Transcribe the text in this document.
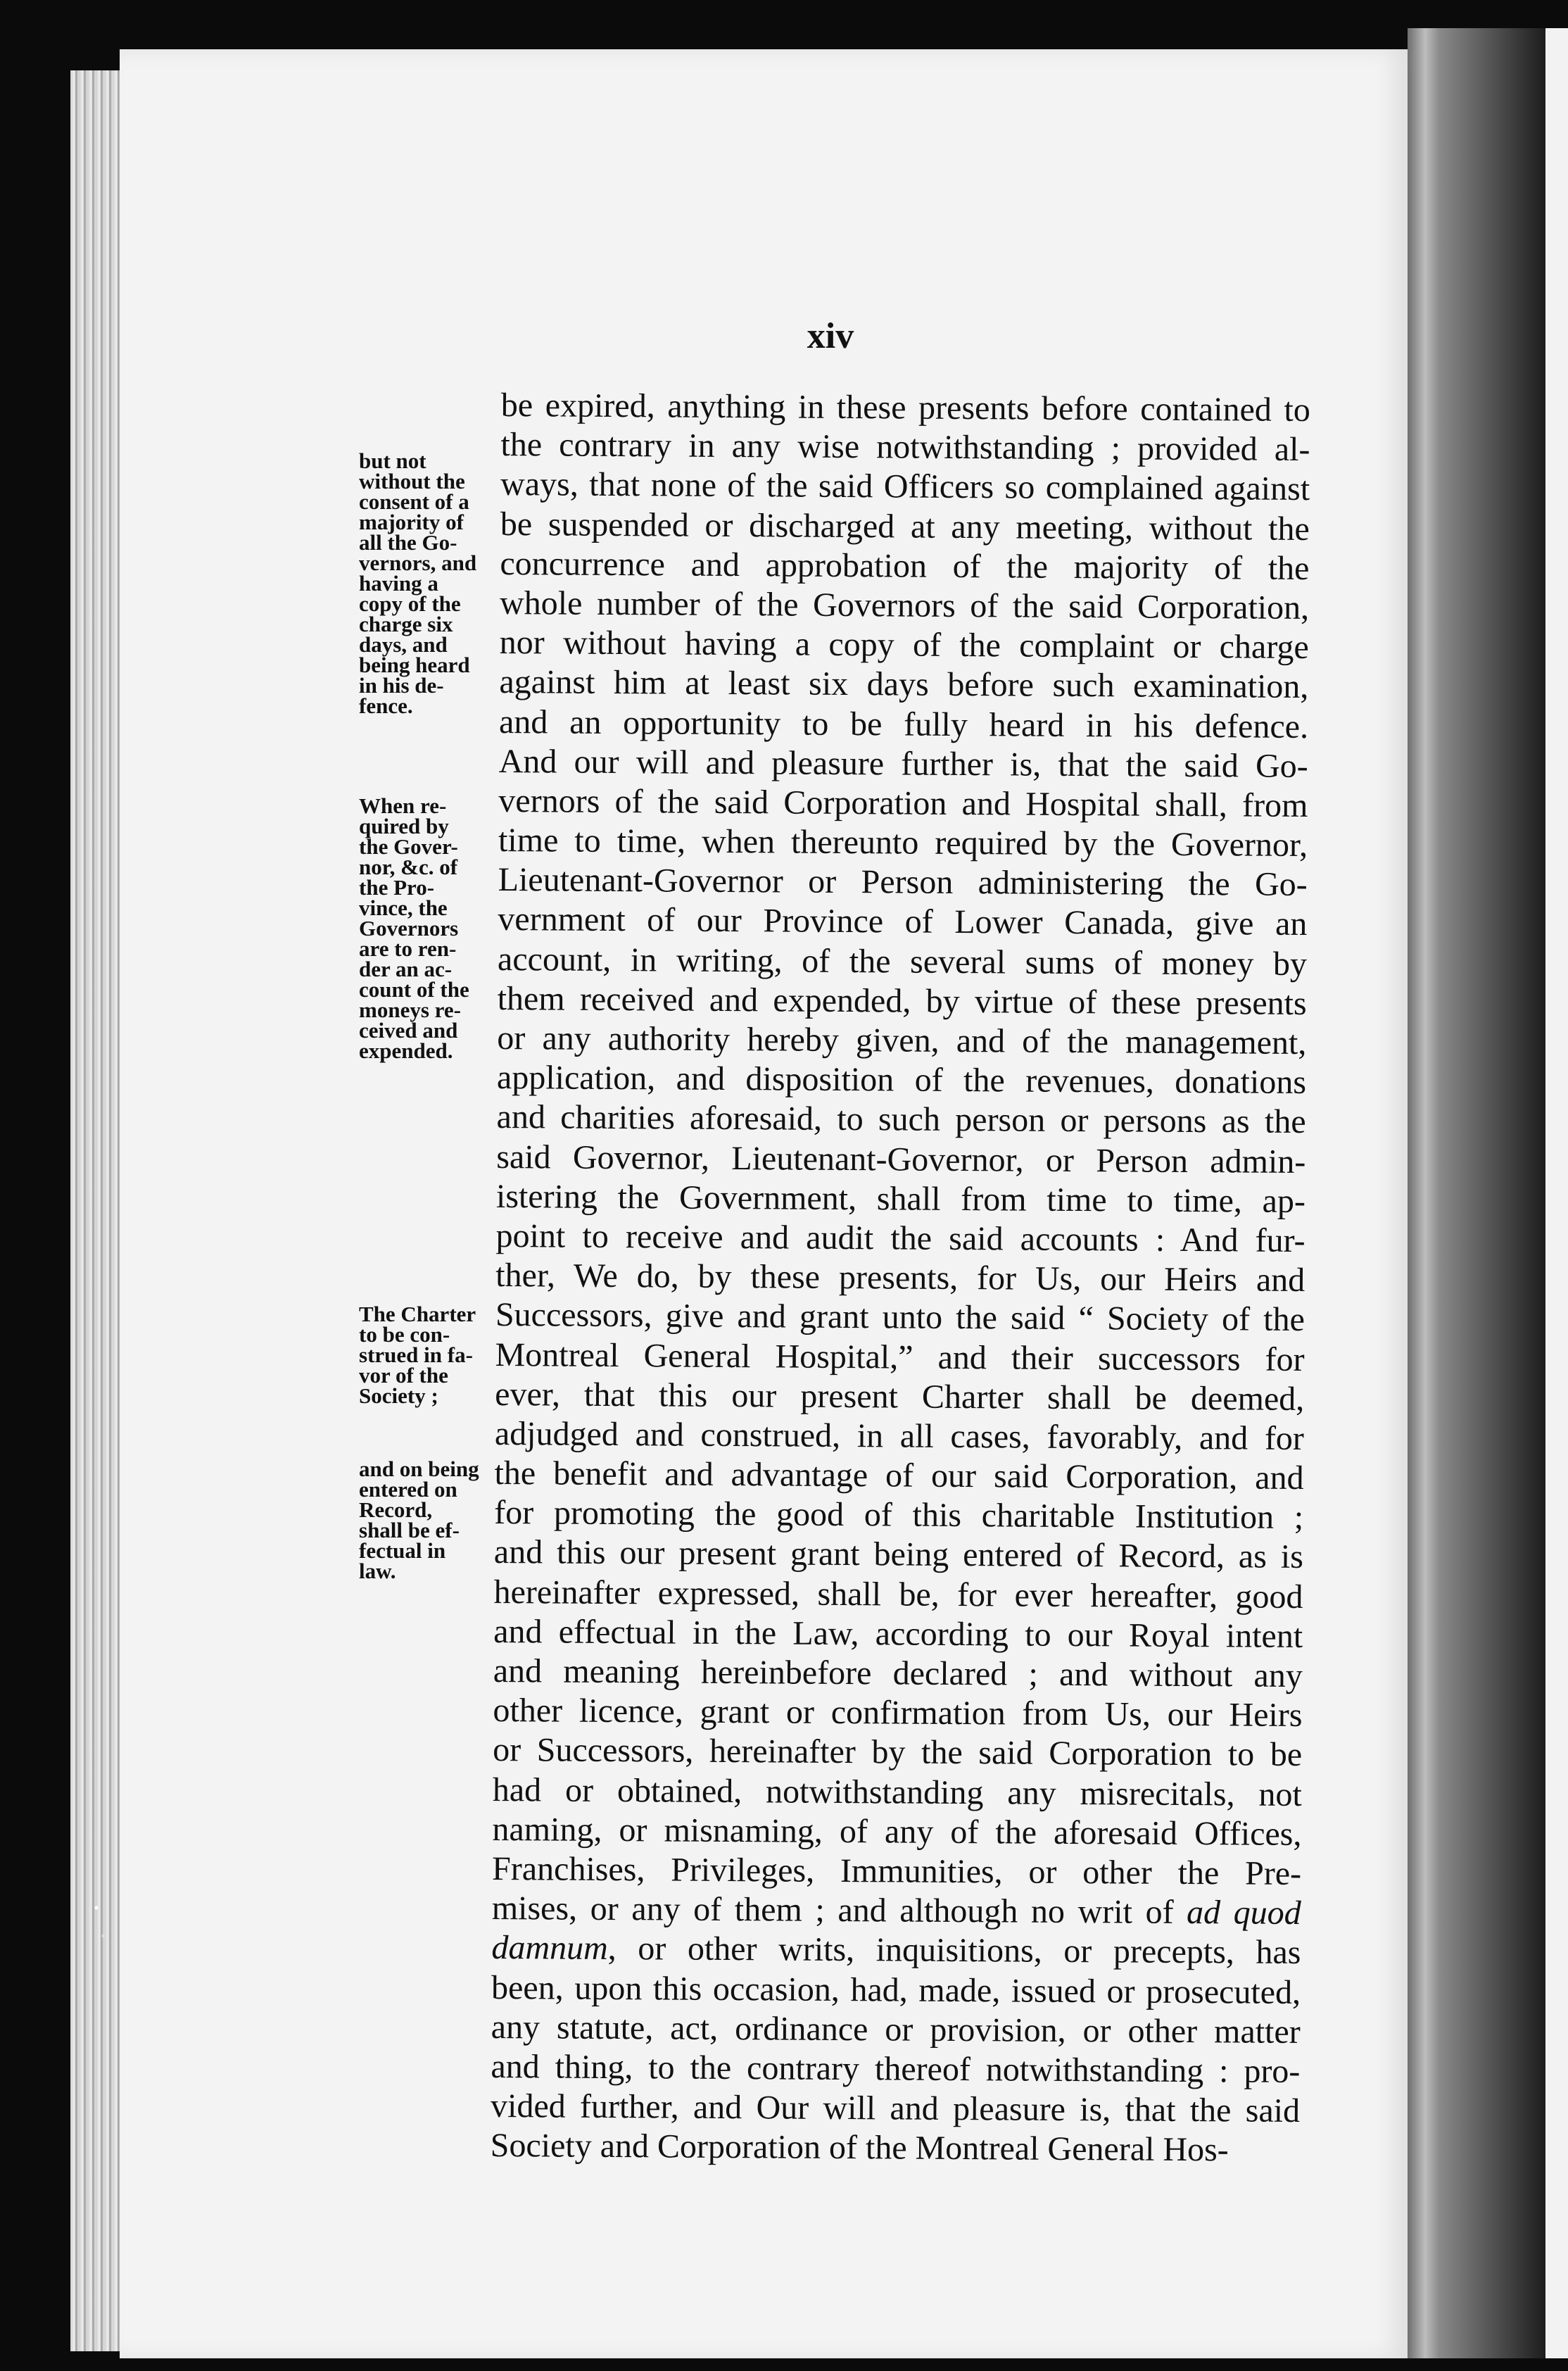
xiv
but not
without the
consent of a
majority of
all the Go-
vernors, and
having a
copy of the
charge six
days, and
being heard
in his de-
fence.
When re-
quired by
the Gover-
nor, &c. of
the Pro-
vince, the
Governors
are to ren-
der an ac-
count of the
moneys re-
ceived and
expended.
The Charter
to be con-
strued in fa-
vor of the
Society ;
and on being
entered on
Record,
shall be ef-
fectual in
law.
be expired, anything in these presents before contained to
the contrary in any wise notwithstanding ; provided al-
ways, that none of the said Officers so complained against
be suspended or discharged at any meeting, without the
concurrence and approbation of the majority of the
whole number of the Governors of the said Corporation,
nor without having a copy of the complaint or charge
against him at least six days before such examination,
and an opportunity to be fully heard in his defence.
And our will and pleasure further is, that the said Go-
vernors of the said Corporation and Hospital shall, from
time to time, when thereunto required by the Governor,
Lieutenant-Governor or Person administering the Go-
vernment of our Province of Lower Canada, give an
account, in writing, of the several sums of money by
them received and expended, by virtue of these presents
or any authority hereby given, and of the management,
application, and disposition of the revenues, donations
and charities aforesaid, to such person or persons as the
said Governor, Lieutenant-Governor, or Person admin-
istering the Government, shall from time to time, ap-
point to receive and audit the said accounts : And fur-
ther, We do, by these presents, for Us, our Heirs and
Successors, give and grant unto the said “ Society of the
Montreal General Hospital,” and their successors for
ever, that this our present Charter shall be deemed,
adjudged and construed, in all cases, favorably, and for
the benefit and advantage of our said Corporation, and
for promoting the good of this charitable Institution ;
and this our present grant being entered of Record, as is
hereinafter expressed, shall be, for ever hereafter, good
and effectual in the Law, according to our Royal intent
and meaning hereinbefore declared ; and without any
other licence, grant or confirmation from Us, our Heirs
or Successors, hereinafter by the said Corporation to be
had or obtained, notwithstanding any misrecitals, not
naming, or misnaming, of any of the aforesaid Offices,
Franchises, Privileges, Immunities, or other the Pre-
mises, or any of them ; and although no writ of ad quod
damnum, or other writs, inquisitions, or precepts, has
been, upon this occasion, had, made, issued or prosecuted,
any statute, act, ordinance or provision, or other matter
and thing, to the contrary thereof notwithstanding : pro-
vided further, and Our will and pleasure is, that the said
Society and Corporation of the Montreal General Hos-
